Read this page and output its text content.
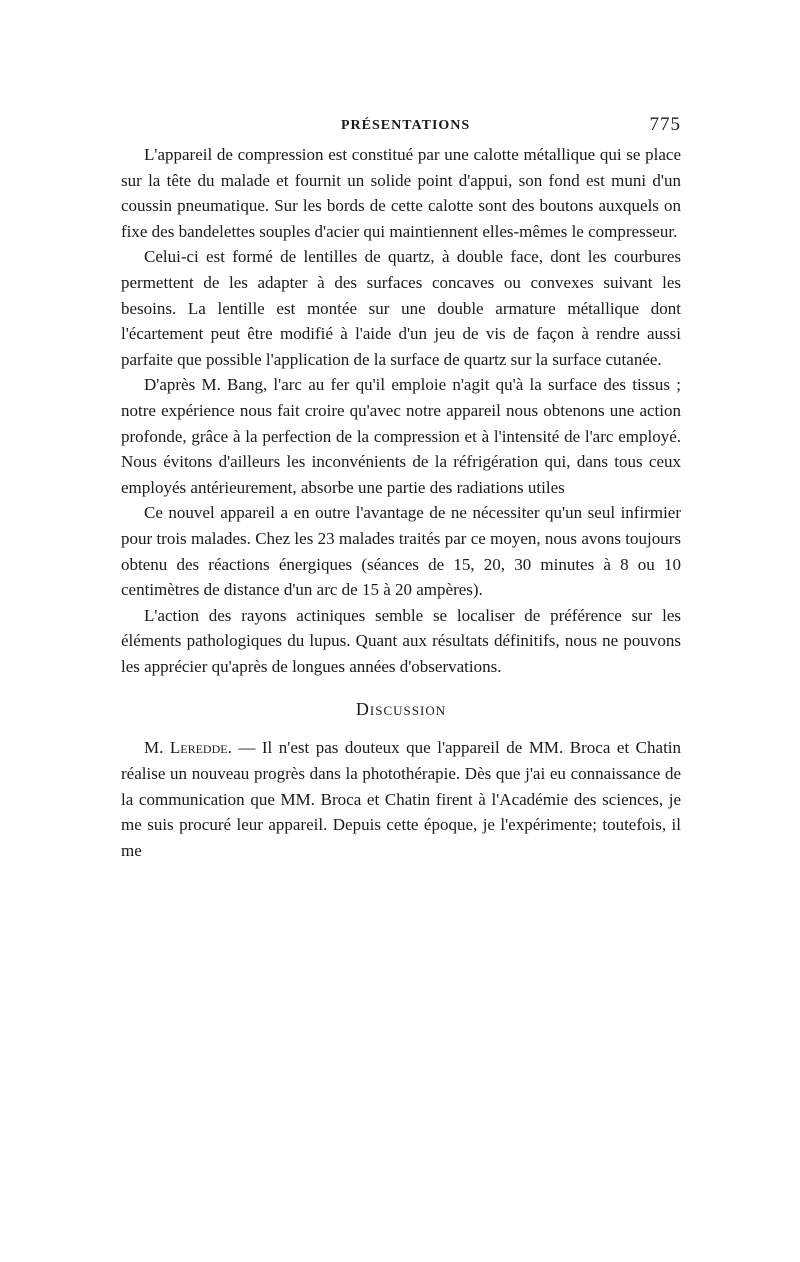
PRÉSENTATIONS	775

L'appareil de compression est constitué par une calotte métallique qui se place sur la tête du malade et fournit un solide point d'appui, son fond est muni d'un coussin pneumatique. Sur les bords de cette calotte sont des boutons auxquels on fixe des bandelettes souples d'acier qui maintiennent elles-mêmes le compresseur.

Celui-ci est formé de lentilles de quartz, à double face, dont les courbures permettent de les adapter à des surfaces concaves ou convexes suivant les besoins. La lentille est montée sur une double armature métallique dont l'écartement peut être modifié à l'aide d'un jeu de vis de façon à rendre aussi parfaite que possible l'application de la surface de quartz sur la surface cutanée.

D'après M. Bang, l'arc au fer qu'il emploie n'agit qu'à la surface des tissus ; notre expérience nous fait croire qu'avec notre appareil nous obtenons une action profonde, grâce à la perfection de la compression et à l'intensité de l'arc employé. Nous évitons d'ailleurs les inconvénients de la réfrigération qui, dans tous ceux employés antérieurement, absorbe une partie des radiations utiles

Ce nouvel appareil a en outre l'avantage de ne nécessiter qu'un seul infirmier pour trois malades. Chez les 23 malades traités par ce moyen, nous avons toujours obtenu des réactions énergiques (séances de 15, 20, 30 minutes à 8 ou 10 centimètres de distance d'un arc de 15 à 20 ampères).

L'action des rayons actiniques semble se localiser de préférence sur les éléments pathologiques du lupus. Quant aux résultats définitifs, nous ne pouvons les apprécier qu'après de longues années d'observations.

Discussion

M. Leredde. — Il n'est pas douteux que l'appareil de MM. Broca et Chatin réalise un nouveau progrès dans la photothérapie. Dès que j'ai eu connaissance de la communication que MM. Broca et Chatin firent à l'Académie des sciences, je me suis procuré leur appareil. Depuis cette époque, je l'expérimente; toutefois, il me
